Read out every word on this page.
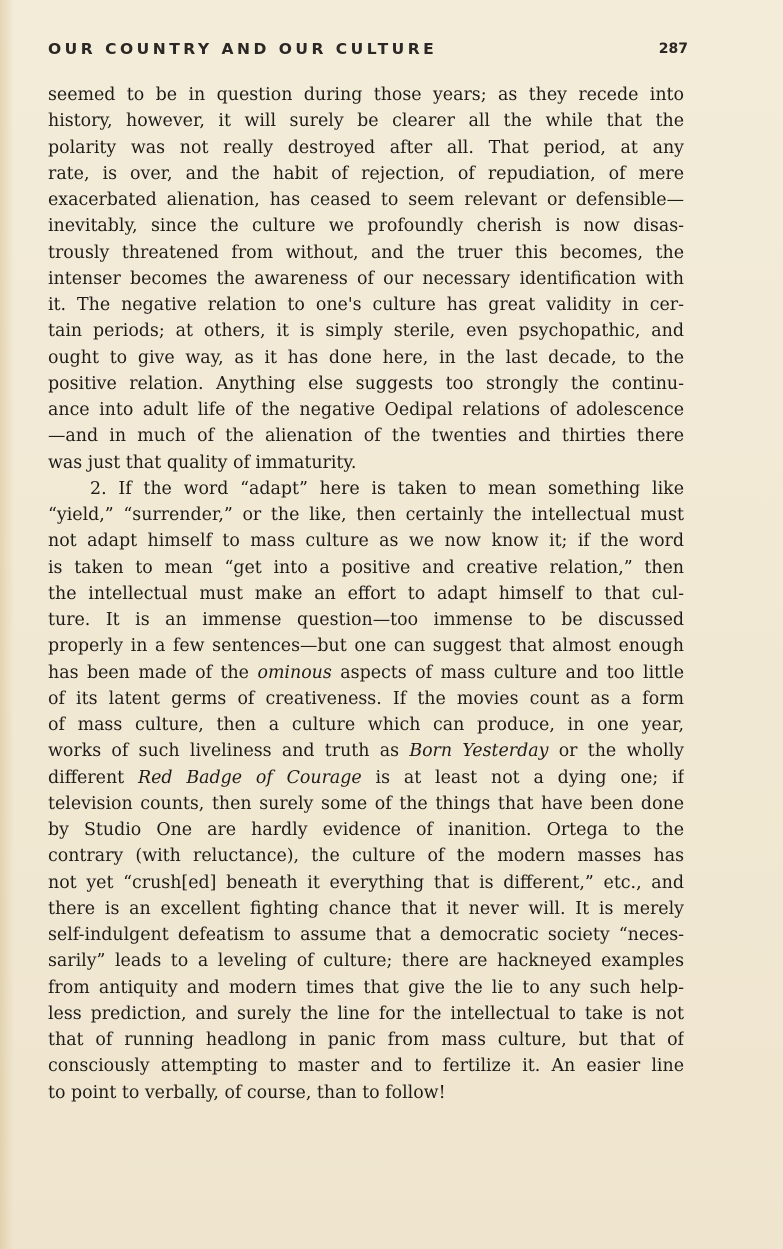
OUR COUNTRY AND OUR CULTURE	287
seemed to be in question during those years; as they recede into
history, however, it will surely be clearer all the while that the
polarity was not really destroyed after all. That period, at any
rate, is over, and the habit of rejection, of repudiation, of mere
exacerbated alienation, has ceased to seem relevant or defensible—
inevitably, since the culture we profoundly cherish is now disas-
trously threatened from without, and the truer this becomes, the
intenser becomes the awareness of our necessary identification with
it. The negative relation to one's culture has great validity in cer-
tain periods; at others, it is simply sterile, even psychopathic, and
ought to give way, as it has done here, in the last decade, to the
positive relation. Anything else suggests too strongly the continu-
ance into adult life of the negative Oedipal relations of adolescence
—and in much of the alienation of the twenties and thirties there
was just that quality of immaturity.
2. If the word “adapt” here is taken to mean something like
“yield,” “surrender,” or the like, then certainly the intellectual must
not adapt himself to mass culture as we now know it; if the word
is taken to mean “get into a positive and creative relation,” then
the intellectual must make an effort to adapt himself to that cul-
ture. It is an immense question—too immense to be discussed
properly in a few sentences—but one can suggest that almost enough
has been made of the ominous aspects of mass culture and too little
of its latent germs of creativeness. If the movies count as a form
of mass culture, then a culture which can produce, in one year,
works of such liveliness and truth as Born Yesterday or the wholly
different Red Badge of Courage is at least not a dying one; if
television counts, then surely some of the things that have been done
by Studio One are hardly evidence of inanition. Ortega to the
contrary (with reluctance), the culture of the modern masses has
not yet “crush[ed] beneath it everything that is different,” etc., and
there is an excellent fighting chance that it never will. It is merely
self-indulgent defeatism to assume that a democratic society “neces-
sarily” leads to a leveling of culture; there are hackneyed examples
from antiquity and modern times that give the lie to any such help-
less prediction, and surely the line for the intellectual to take is not
that of running headlong in panic from mass culture, but that of
consciously attempting to master and to fertilize it. An easier line
to point to verbally, of course, than to follow!
